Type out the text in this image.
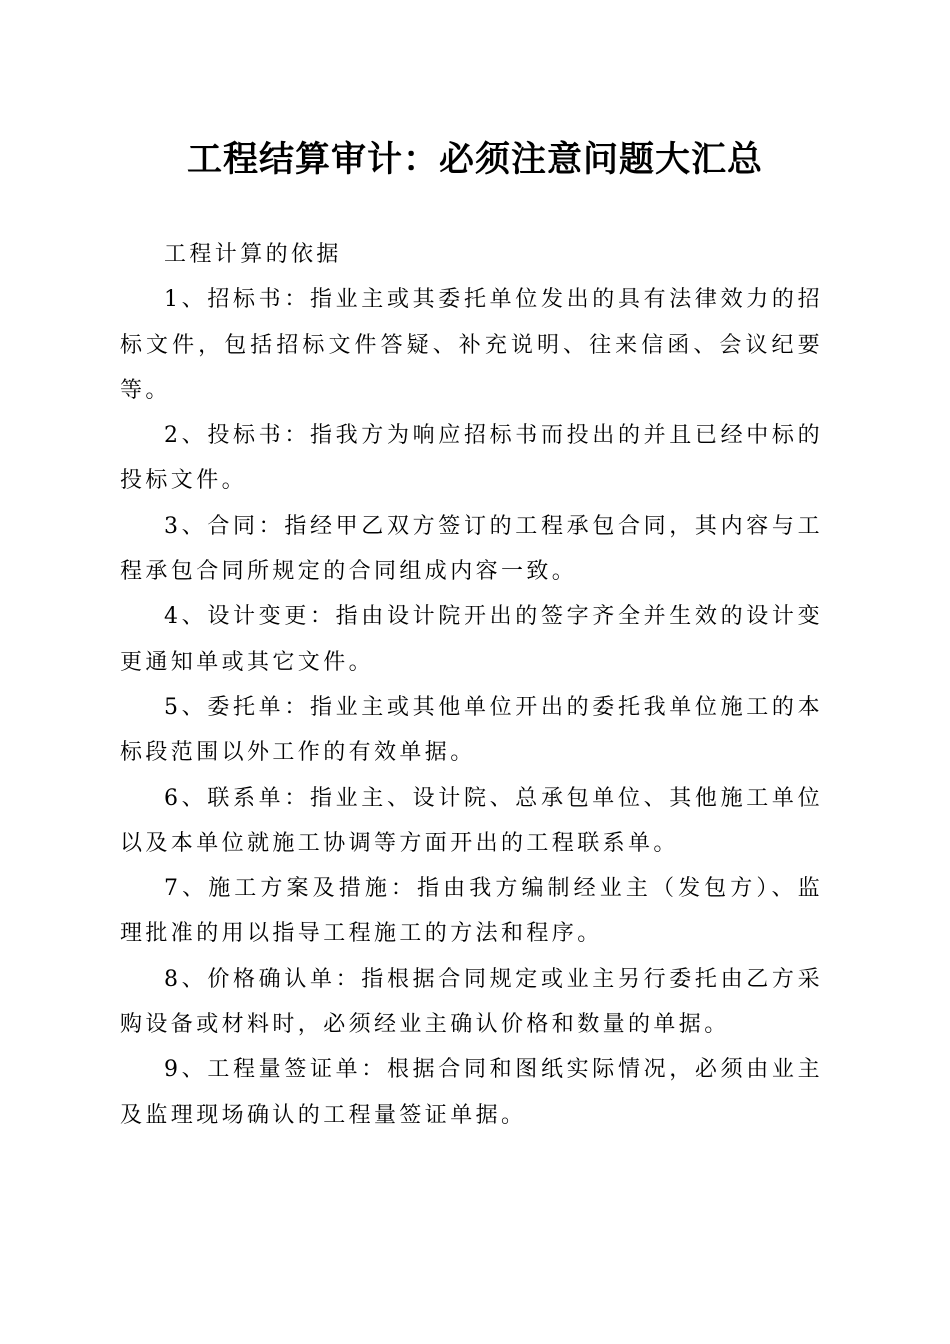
工程结算审计：必须注意问题大汇总

工程计算的依据

1、招标书：指业主或其委托单位发出的具有法律效力的招标文件，包括招标文件答疑、补充说明、往来信函、会议纪要等。

2、投标书：指我方为响应招标书而投出的并且已经中标的投标文件。

3、合同：指经甲乙双方签订的工程承包合同，其内容与工程承包合同所规定的合同组成内容一致。

4、设计变更：指由设计院开出的签字齐全并生效的设计变更通知单或其它文件。

5、委托单：指业主或其他单位开出的委托我单位施工的本标段范围以外工作的有效单据。

6、联系单：指业主、设计院、总承包单位、其他施工单位以及本单位就施工协调等方面开出的工程联系单。

7、施工方案及措施：指由我方编制经业主（发包方）、监理批准的用以指导工程施工的方法和程序。

8、价格确认单：指根据合同规定或业主另行委托由乙方采购设备或材料时，必须经业主确认价格和数量的单据。

9、工程量签证单：根据合同和图纸实际情况，必须由业主及监理现场确认的工程量签证单据。
